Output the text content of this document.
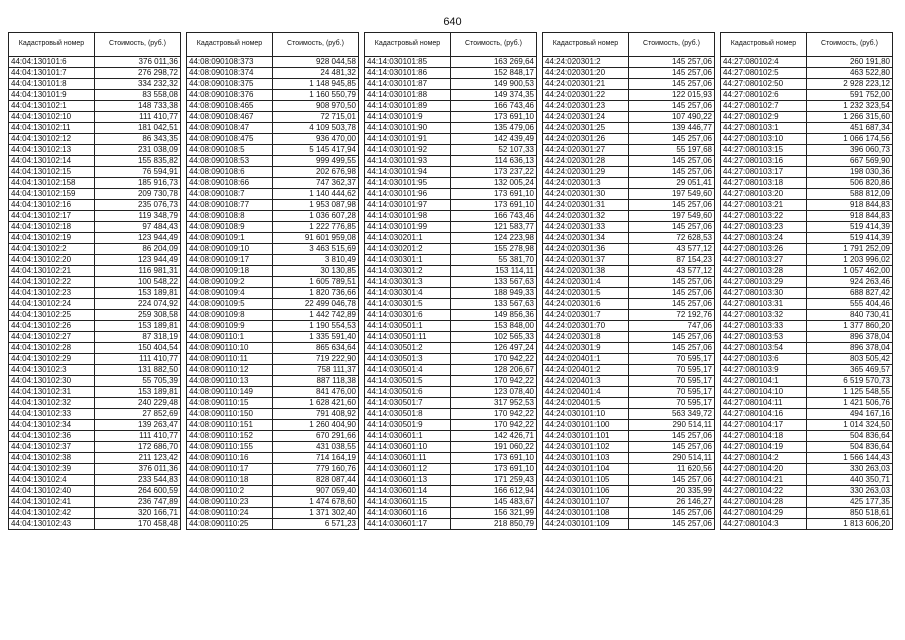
640
Кадастровый номер	Стоимость, (руб.)
44:04:130101:6	376 011,36
44:04:130101:7	276 298,72
44:04:130101:8	334 232,32
44:04:130101:9	83 558,08
44:04:130102:1	148 733,38
44:04:130102:10	111 410,77
44:04:130102:11	181 042,51
44:04:130102:12	86 343,35
44:04:130102:13	231 038,09
44:04:130102:14	155 835,82
44:04:130102:15	76 594,91
44:04:130102:158	185 916,73
44:04:130102:159	209 730,78
44:04:130102:16	235 076,73
44:04:130102:17	119 348,79
44:04:130102:18	97 484,43
44:04:130102:19	123 944,49
44:04:130102:2	86 204,09
44:04:130102:20	123 944,49
44:04:130102:21	116 981,31
44:04:130102:22	100 548,22
44:04:130102:23	153 189,81
44:04:130102:24	224 074,92
44:04:130102:25	259 308,58
44:04:130102:26	153 189,81
44:04:130102:27	87 318,19
44:04:130102:28	150 404,54
44:04:130102:29	111 410,77
44:04:130102:3	131 882,50
44:04:130102:30	55 705,39
44:04:130102:31	153 189,81
44:04:130102:32	240 229,48
44:04:130102:33	27 852,69
44:04:130102:34	139 263,47
44:04:130102:36	111 410,77
44:04:130102:37	172 686,70
44:04:130102:38	211 123,42
44:04:130102:39	376 011,36
44:04:130102:4	233 544,83
44:04:130102:40	264 600,59
44:04:130102:41	236 747,89
44:04:130102:42	320 166,71
44:04:130102:43	170 458,48
Кадастровый номер	Стоимость, (руб.)
44:08:090108:373	928 044,58
44:08:090108:374	24 481,32
44:08:090108:375	1 148 945,85
44:08:090108:376	1 160 550,79
44:08:090108:465	908 970,50
44:08:090108:467	72 715,01
44:08:090108:47	4 109 503,78
44:08:090108:475	936 470,00
44:08:090108:5	5 145 417,94
44:08:090108:53	999 499,55
44:08:090108:6	202 676,98
44:08:090108:66	747 362,37
44:08:090108:7	1 140 444,62
44:08:090108:77	1 953 087,98
44:08:090108:8	1 036 607,28
44:08:090108:9	1 222 776,85
44:08:090109:1	91 601 959,08
44:08:090109:10	3 463 515,69
44:08:090109:17	3 810,49
44:08:090109:18	30 130,85
44:08:090109:2	1 605 789,51
44:08:090109:4	1 820 736,66
44:08:090109:5	22 499 046,78
44:08:090109:8	1 442 742,89
44:08:090109:9	1 190 554,53
44:08:090110:1	1 335 591,40
44:08:090110:10	865 634,64
44:08:090110:11	719 222,90
44:08:090110:12	758 111,37
44:08:090110:13	887 118,38
44:08:090110:149	841 476,00
44:08:090110:15	1 628 421,60
44:08:090110:150	791 408,92
44:08:090110:151	1 260 404,90
44:08:090110:152	670 291,66
44:08:090110:155	431 038,55
44:08:090110:16	714 164,19
44:08:090110:17	779 160,76
44:08:090110:18	828 087,44
44:08:090110:2	907 059,40
44:08:090110:23	1 474 678,60
44:08:090110:24	1 371 302,40
44:08:090110:25	6 571,23
Кадастровый номер	Стоимость, (руб.)
44:14:030101:85	163 269,64
44:14:030101:86	152 848,17
44:14:030101:87	149 900,53
44:14:030101:88	149 374,35
44:14:030101:89	166 743,46
44:14:030101:9	173 691,10
44:14:030101:90	135 479,06
44:14:030101:91	142 439,49
44:14:030101:92	52 107,33
44:14:030101:93	114 636,13
44:14:030101:94	173 237,22
44:14:030101:95	132 005,24
44:14:030101:96	173 691,10
44:14:030101:97	173 691,10
44:14:030101:98	166 743,46
44:14:030101:99	121 583,77
44:14:030201:1	124 223,98
44:14:030201:2	155 278,98
44:14:030301:1	55 381,70
44:14:030301:2	153 114,11
44:14:030301:3	133 567,63
44:14:030301:4	188 949,33
44:14:030301:5	133 567,63
44:14:030301:6	149 856,36
44:14:030501:1	153 848,00
44:14:030501:11	102 565,33
44:14:030501:2	126 497,24
44:14:030501:3	170 942,22
44:14:030501:4	128 206,67
44:14:030501:5	170 942,22
44:14:030501:6	123 078,40
44:14:030501:7	317 952,53
44:14:030501:8	170 942,22
44:14:030501:9	170 942,22
44:14:030601:1	142 426,71
44:14:030601:10	191 060,22
44:14:030601:11	173 691,10
44:14:030601:12	173 691,10
44:14:030601:13	171 259,43
44:14:030601:14	166 612,94
44:14:030601:15	145 483,67
44:14:030601:16	156 321,99
44:14:030601:17	218 850,79
Кадастровый номер	Стоимость, (руб.)
44:24:020301:2	145 257,06
44:24:020301:20	145 257,06
44:24:020301:21	145 257,06
44:24:020301:22	122 015,93
44:24:020301:23	145 257,06
44:24:020301:24	107 490,22
44:24:020301:25	139 446,77
44:24:020301:26	145 257,06
44:24:020301:27	55 197,68
44:24:020301:28	145 257,06
44:24:020301:29	145 257,06
44:24:020301:3	29 051,41
44:24:020301:30	197 549,60
44:24:020301:31	145 257,06
44:24:020301:32	197 549,60
44:24:020301:33	145 257,06
44:24:020301:34	72 628,53
44:24:020301:36	43 577,12
44:24:020301:37	87 154,23
44:24:020301:38	43 577,12
44:24:020301:4	145 257,06
44:24:020301:5	145 257,06
44:24:020301:6	145 257,06
44:24:020301:7	72 192,76
44:24:020301:70	747,06
44:24:020301:8	145 257,06
44:24:020301:9	145 257,06
44:24:020401:1	70 595,17
44:24:020401:2	70 595,17
44:24:020401:3	70 595,17
44:24:020401:4	70 595,17
44:24:020401:5	70 595,17
44:24:030101:10	563 349,72
44:24:030101:100	290 514,11
44:24:030101:101	145 257,06
44:24:030101:102	145 257,06
44:24:030101:103	290 514,11
44:24:030101:104	11 620,56
44:24:030101:105	145 257,06
44:24:030101:106	20 335,99
44:24:030101:107	26 146,27
44:24:030101:108	145 257,06
44:24:030101:109	145 257,06
Кадастровый номер	Стоимость, (руб.)
44:27:080102:4	260 191,80
44:27:080102:5	463 522,80
44:27:080102:50	2 928 223,12
44:27:080102:6	591 752,00
44:27:080102:7	1 232 323,54
44:27:080102:9	1 266 315,60
44:27:080103:1	451 687,34
44:27:080103:10	1 066 174,56
44:27:080103:15	396 060,73
44:27:080103:16	667 569,90
44:27:080103:17	198 030,36
44:27:080103:18	506 820,86
44:27:080103:20	588 812,09
44:27:080103:21	918 844,83
44:27:080103:22	918 844,83
44:27:080103:23	519 414,39
44:27:080103:24	519 414,39
44:27:080103:26	1 791 252,09
44:27:080103:27	1 203 996,02
44:27:080103:28	1 057 462,00
44:27:080103:29	924 263,46
44:27:080103:30	688 827,42
44:27:080103:31	555 404,46
44:27:080103:32	840 730,41
44:27:080103:33	1 377 860,20
44:27:080103:53	896 378,04
44:27:080103:54	896 378,04
44:27:080103:6	803 505,42
44:27:080103:9	365 469,57
44:27:080104:1	6 519 570,73
44:27:080104:10	1 125 548,55
44:27:080104:11	1 421 506,76
44:27:080104:16	494 167,16
44:27:080104:17	1 014 324,50
44:27:080104:18	504 836,64
44:27:080104:19	504 836,64
44:27:080104:2	1 566 144,43
44:27:080104:20	330 263,03
44:27:080104:21	440 350,71
44:27:080104:22	330 263,03
44:27:080104:28	425 177,35
44:27:080104:29	850 518,61
44:27:080104:3	1 813 606,20
